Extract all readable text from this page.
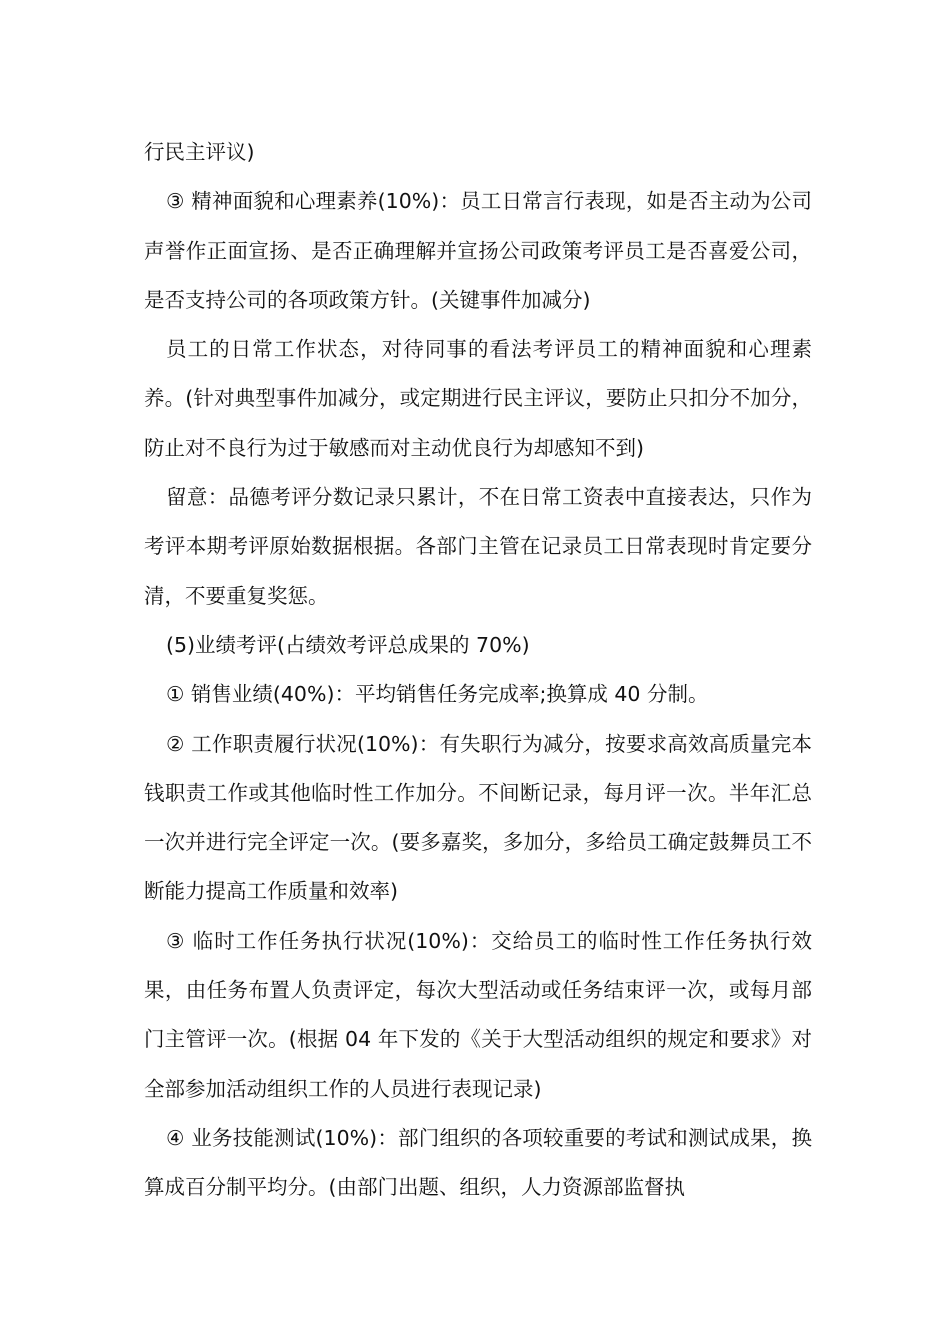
行民主评议)

③ 精神面貌和心理素养(10%)：员工日常言行表现，如是否主动为公司声誉作正面宣扬、是否正确理解并宣扬公司政策考评员工是否喜爱公司，是否支持公司的各项政策方针。(关键事件加减分)

员工的日常工作状态，对待同事的看法考评员工的精神面貌和心理素养。(针对典型事件加减分，或定期进行民主评议，要防止只扣分不加分，防止对不良行为过于敏感而对主动优良行为却感知不到)

留意：品德考评分数记录只累计，不在日常工资表中直接表达，只作为考评本期考评原始数据根据。各部门主管在记录员工日常表现时肯定要分清，不要重复奖惩。

(5)业绩考评(占绩效考评总成果的 70%)

① 销售业绩(40%)：平均销售任务完成率;换算成 40 分制。

② 工作职责履行状况(10%)：有失职行为减分，按要求高效高质量完本钱职责工作或其他临时性工作加分。不间断记录，每月评一次。半年汇总一次并进行完全评定一次。(要多嘉奖，多加分，多给员工确定鼓舞员工不断能力提高工作质量和效率)

③ 临时工作任务执行状况(10%)：交给员工的临时性工作任务执行效果，由任务布置人负责评定，每次大型活动或任务结束评一次，或每月部门主管评一次。(根据 04 年下发的《关于大型活动组织的规定和要求》对全部参加活动组织工作的人员进行表现记录)

④ 业务技能测试(10%)：部门组织的各项较重要的考试和测试成果，换算成百分制平均分。(由部门出题、组织，人力资源部监督执
